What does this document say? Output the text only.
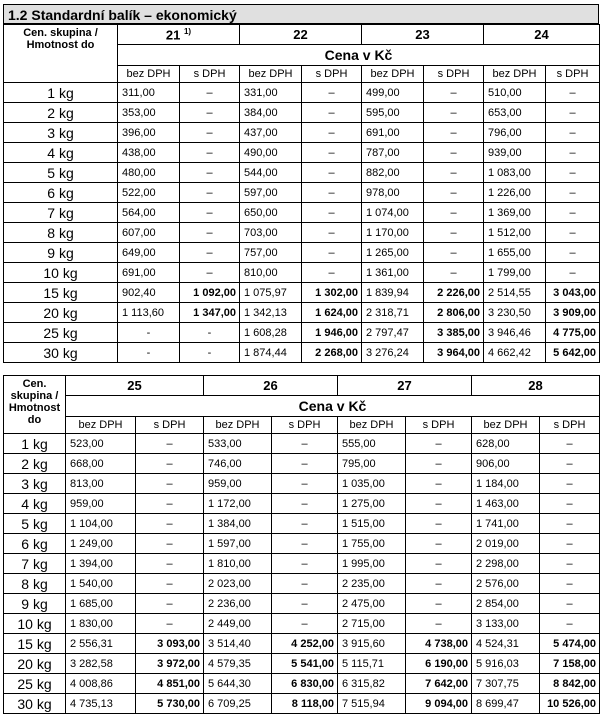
1.2 Standardní balík – ekonomický
Cen. skupina / Hmotnost do	21 $^{1)}$		22		23		24	
	Cena v Kč							
	bez DPH	s DPH	bez DPH	s DPH	bez DPH	s DPH	bez DPH	s DPH
1 kg	311,00	–	331,00	–	499,00	–	510,00	–
2 kg	353,00	–	384,00	–	595,00	–	653,00	–
3 kg	396,00	–	437,00	–	691,00	–	796,00	–
4 kg	438,00	–	490,00	–	787,00	–	939,00	–
5 kg	480,00	–	544,00	–	882,00	–	1 083,00	–
6 kg	522,00	–	597,00	–	978,00	–	1 226,00	–
7 kg	564,00	–	650,00	–	1 074,00	–	1 369,00	–
8 kg	607,00	–	703,00	–	1 170,00	–	1 512,00	–
9 kg	649,00	–	757,00	–	1 265,00	–	1 655,00	–
10 kg	691,00	–	810,00	–	1 361,00	–	1 799,00	–
15 kg	902,40	1 092,00	1 075,97	1 302,00	1 839,94	2 226,00	2 514,55	3 043,00
20 kg	1 113,60	1 347,00	1 342,13	1 624,00	2 318,71	2 806,00	3 230,50	3 909,00
25 kg	-	-	1 608,28	1 946,00	2 797,47	3 385,00	3 946,46	4 775,00
30 kg	-	-	1 874,44	2 268,00	3 276,24	3 964,00	4 662,42	5 642,00
Cen. skupina / Hmotnost do	25		26		27		28	
	Cena v Kč							
	bez DPH	s DPH	bez DPH	s DPH	bez DPH	s DPH	bez DPH	s DPH
1 kg	523,00	–	533,00	–	555,00	–	628,00	–
2 kg	668,00	–	746,00	–	795,00	–	906,00	–
3 kg	813,00	–	959,00	–	1 035,00	–	1 184,00	–
4 kg	959,00	–	1 172,00	–	1 275,00	–	1 463,00	–
5 kg	1 104,00	–	1 384,00	–	1 515,00	–	1 741,00	–
6 kg	1 249,00	–	1 597,00	–	1 755,00	–	2 019,00	–
7 kg	1 394,00	–	1 810,00	–	1 995,00	–	2 298,00	–
8 kg	1 540,00	–	2 023,00	–	2 235,00	–	2 576,00	–
9 kg	1 685,00	–	2 236,00	–	2 475,00	–	2 854,00	–
10 kg	1 830,00	–	2 449,00	–	2 715,00	–	3 133,00	–
15 kg	2 556,31	3 093,00	3 514,40	4 252,00	3 915,60	4 738,00	4 524,31	5 474,00
20 kg	3 282,58	3 972,00	4 579,35	5 541,00	5 115,71	6 190,00	5 916,03	7 158,00
25 kg	4 008,86	4 851,00	5 644,30	6 830,00	6 315,82	7 642,00	7 307,75	8 842,00
30 kg	4 735,13	5 730,00	6 709,25	8 118,00	7 515,94	9 094,00	8 699,47	10 526,00
